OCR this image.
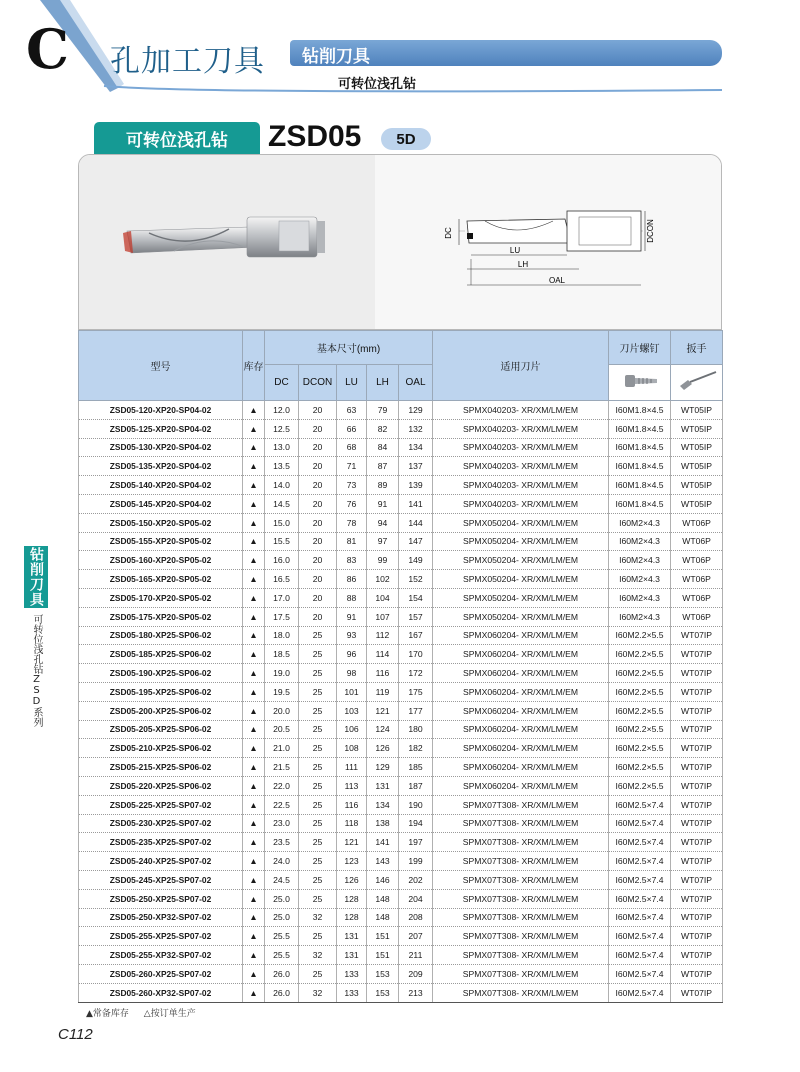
C 孔加工刀具 钻削刀具
可转位浅孔钻
可转位浅孔钻	ZSD05	5D
DC	DCON
LU
LH
OAL
型号	库存	基本尺寸(mm)					适用刀片	刀片螺钉	扳手
		DC	DCON	LU	LH	OAL		
ZSD05-120-XP20-SP04-02	▲	12.0	20	63	79	129	SPMX040203- XR/XM/LM/EM	I60M1.8×4.5	WT05IP
ZSD05-125-XP20-SP04-02	▲	12.5	20	66	82	132	SPMX040203- XR/XM/LM/EM	I60M1.8×4.5	WT05IP
ZSD05-130-XP20-SP04-02	▲	13.0	20	68	84	134	SPMX040203- XR/XM/LM/EM	I60M1.8×4.5	WT05IP
ZSD05-135-XP20-SP04-02	▲	13.5	20	71	87	137	SPMX040203- XR/XM/LM/EM	I60M1.8×4.5	WT05IP
ZSD05-140-XP20-SP04-02	▲	14.0	20	73	89	139	SPMX040203- XR/XM/LM/EM	I60M1.8×4.5	WT05IP
ZSD05-145-XP20-SP04-02	▲	14.5	20	76	91	141	SPMX040203- XR/XM/LM/EM	I60M1.8×4.5	WT05IP
ZSD05-150-XP20-SP05-02	▲	15.0	20	78	94	144	SPMX050204- XR/XM/LM/EM	I60M2×4.3	WT06P
ZSD05-155-XP20-SP05-02	▲	15.5	20	81	97	147	SPMX050204- XR/XM/LM/EM	I60M2×4.3	WT06P
ZSD05-160-XP20-SP05-02	▲	16.0	20	83	99	149	SPMX050204- XR/XM/LM/EM	I60M2×4.3	WT06P
ZSD05-165-XP20-SP05-02	▲	16.5	20	86	102	152	SPMX050204- XR/XM/LM/EM	I60M2×4.3	WT06P
ZSD05-170-XP20-SP05-02	▲	17.0	20	88	104	154	SPMX050204- XR/XM/LM/EM	I60M2×4.3	WT06P
ZSD05-175-XP20-SP05-02	▲	17.5	20	91	107	157	SPMX050204- XR/XM/LM/EM	I60M2×4.3	WT06P
ZSD05-180-XP25-SP06-02	▲	18.0	25	93	112	167	SPMX060204- XR/XM/LM/EM	I60M2.2×5.5	WT07IP
ZSD05-185-XP25-SP06-02	▲	18.5	25	96	114	170	SPMX060204- XR/XM/LM/EM	I60M2.2×5.5	WT07IP
ZSD05-190-XP25-SP06-02	▲	19.0	25	98	116	172	SPMX060204- XR/XM/LM/EM	I60M2.2×5.5	WT07IP
ZSD05-195-XP25-SP06-02	▲	19.5	25	101	119	175	SPMX060204- XR/XM/LM/EM	I60M2.2×5.5	WT07IP
ZSD05-200-XP25-SP06-02	▲	20.0	25	103	121	177	SPMX060204- XR/XM/LM/EM	I60M2.2×5.5	WT07IP
ZSD05-205-XP25-SP06-02	▲	20.5	25	106	124	180	SPMX060204- XR/XM/LM/EM	I60M2.2×5.5	WT07IP
ZSD05-210-XP25-SP06-02	▲	21.0	25	108	126	182	SPMX060204- XR/XM/LM/EM	I60M2.2×5.5	WT07IP
ZSD05-215-XP25-SP06-02	▲	21.5	25	111	129	185	SPMX060204- XR/XM/LM/EM	I60M2.2×5.5	WT07IP
ZSD05-220-XP25-SP06-02	▲	22.0	25	113	131	187	SPMX060204- XR/XM/LM/EM	I60M2.2×5.5	WT07IP
ZSD05-225-XP25-SP07-02	▲	22.5	25	116	134	190	SPMX07T308- XR/XM/LM/EM	I60M2.5×7.4	WT07IP
ZSD05-230-XP25-SP07-02	▲	23.0	25	118	138	194	SPMX07T308- XR/XM/LM/EM	I60M2.5×7.4	WT07IP
ZSD05-235-XP25-SP07-02	▲	23.5	25	121	141	197	SPMX07T308- XR/XM/LM/EM	I60M2.5×7.4	WT07IP
ZSD05-240-XP25-SP07-02	▲	24.0	25	123	143	199	SPMX07T308- XR/XM/LM/EM	I60M2.5×7.4	WT07IP
ZSD05-245-XP25-SP07-02	▲	24.5	25	126	146	202	SPMX07T308- XR/XM/LM/EM	I60M2.5×7.4	WT07IP
ZSD05-250-XP25-SP07-02	▲	25.0	25	128	148	204	SPMX07T308- XR/XM/LM/EM	I60M2.5×7.4	WT07IP
ZSD05-250-XP32-SP07-02	▲	25.0	32	128	148	208	SPMX07T308- XR/XM/LM/EM	I60M2.5×7.4	WT07IP
ZSD05-255-XP25-SP07-02	▲	25.5	25	131	151	207	SPMX07T308- XR/XM/LM/EM	I60M2.5×7.4	WT07IP
ZSD05-255-XP32-SP07-02	▲	25.5	32	131	151	211	SPMX07T308- XR/XM/LM/EM	I60M2.5×7.4	WT07IP
ZSD05-260-XP25-SP07-02	▲	26.0	25	133	153	209	SPMX07T308- XR/XM/LM/EM	I60M2.5×7.4	WT07IP
ZSD05-260-XP32-SP07-02	▲	26.0	32	133	153	213	SPMX07T308- XR/XM/LM/EM	I60M2.5×7.4	WT07IP
▲常备库存 △按订单生产
C112
钻削刀具
可转位浅孔钻ZSD系列
